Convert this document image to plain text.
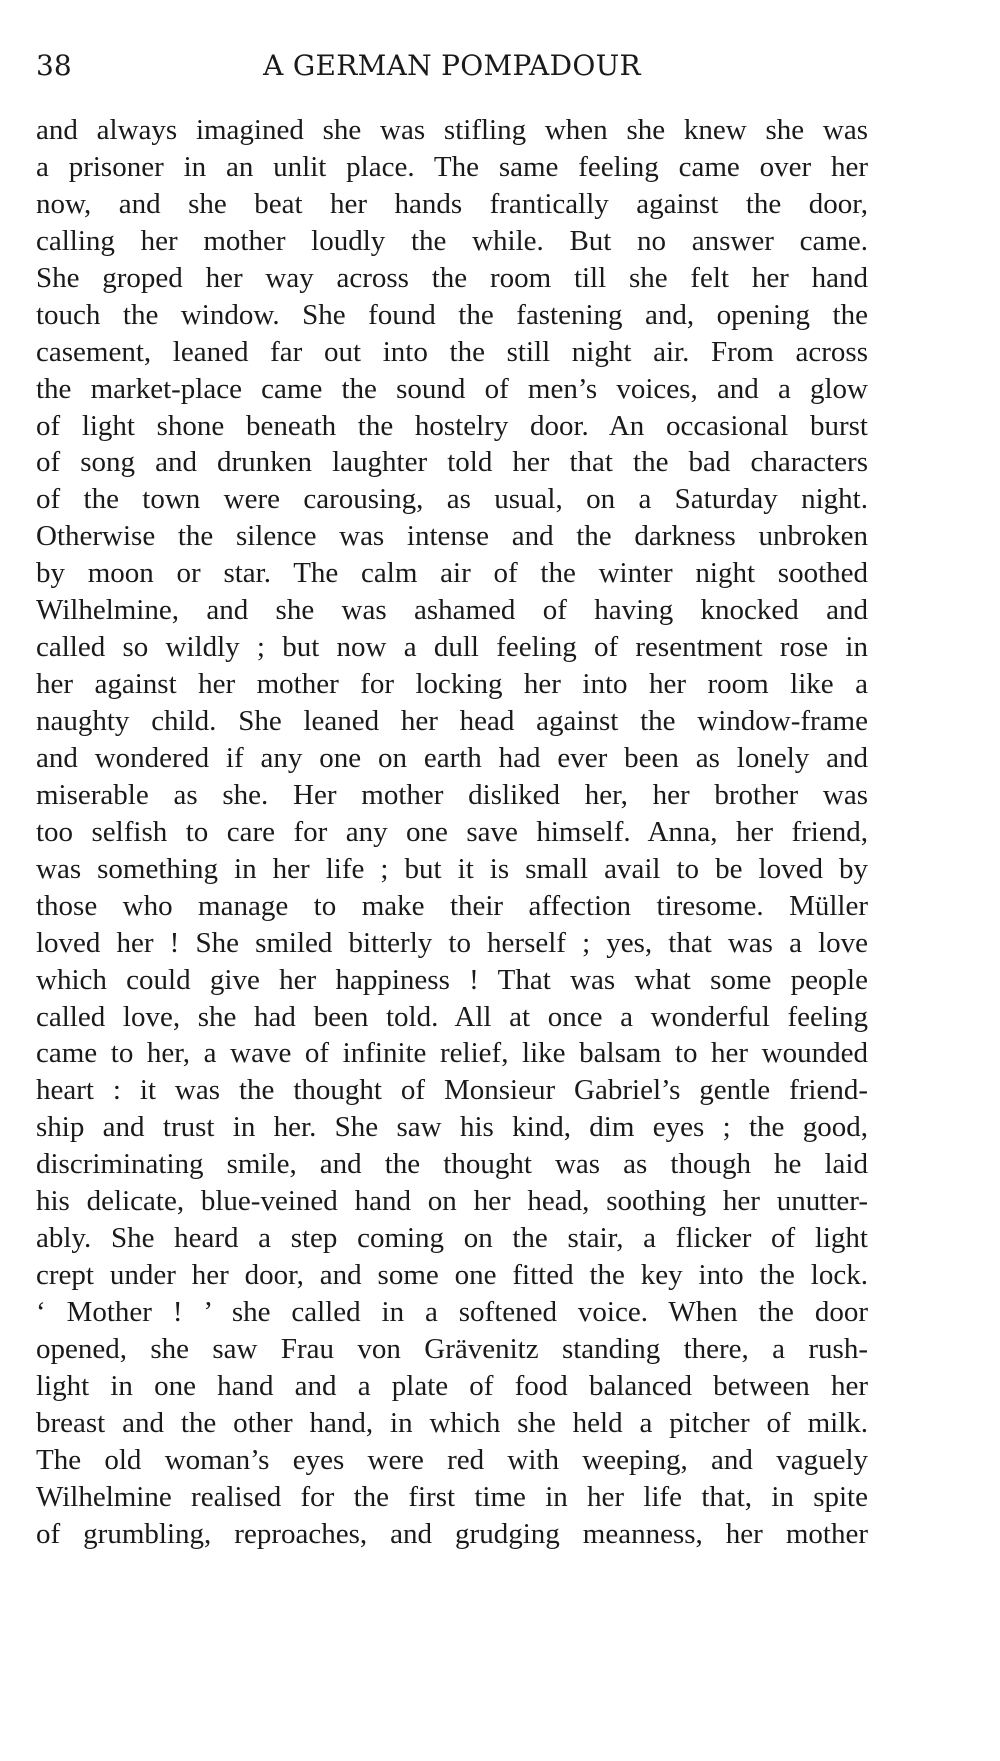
38	A GERMAN POMPADOUR
and always imagined she was stifling when she knew she was
a prisoner in an unlit place. The same feeling came over her
now, and she beat her hands frantically against the door,
calling her mother loudly the while. But no answer came.
She groped her way across the room till she felt her hand
touch the window. She found the fastening and, opening the
casement, leaned far out into the still night air. From across
the market-place came the sound of men’s voices, and a glow
of light shone beneath the hostelry door. An occasional burst
of song and drunken laughter told her that the bad characters
of the town were carousing, as usual, on a Saturday night.
Otherwise the silence was intense and the darkness unbroken
by moon or star. The calm air of the winter night soothed
Wilhelmine, and she was ashamed of having knocked and
called so wildly ; but now a dull feeling of resentment rose in
her against her mother for locking her into her room like a
naughty child. She leaned her head against the window-frame
and wondered if any one on earth had ever been as lonely and
miserable as she. Her mother disliked her, her brother was
too selfish to care for any one save himself. Anna, her friend,
was something in her life ; but it is small avail to be loved by
those who manage to make their affection tiresome. Müller
loved her ! She smiled bitterly to herself ; yes, that was a love
which could give her happiness ! That was what some people
called love, she had been told. All at once a wonderful feeling
came to her, a wave of infinite relief, like balsam to her wounded
heart : it was the thought of Monsieur Gabriel’s gentle friend-
ship and trust in her. She saw his kind, dim eyes ; the good,
discriminating smile, and the thought was as though he laid
his delicate, blue-veined hand on her head, soothing her unutter-
ably. She heard a step coming on the stair, a flicker of light
crept under her door, and some one fitted the key into the lock.
‘ Mother ! ’ she called in a softened voice. When the door
opened, she saw Frau von Grävenitz standing there, a rush-
light in one hand and a plate of food balanced between her
breast and the other hand, in which she held a pitcher of milk.
The old woman’s eyes were red with weeping, and vaguely
Wilhelmine realised for the first time in her life that, in spite
of grumbling, reproaches, and grudging meanness, her mother
